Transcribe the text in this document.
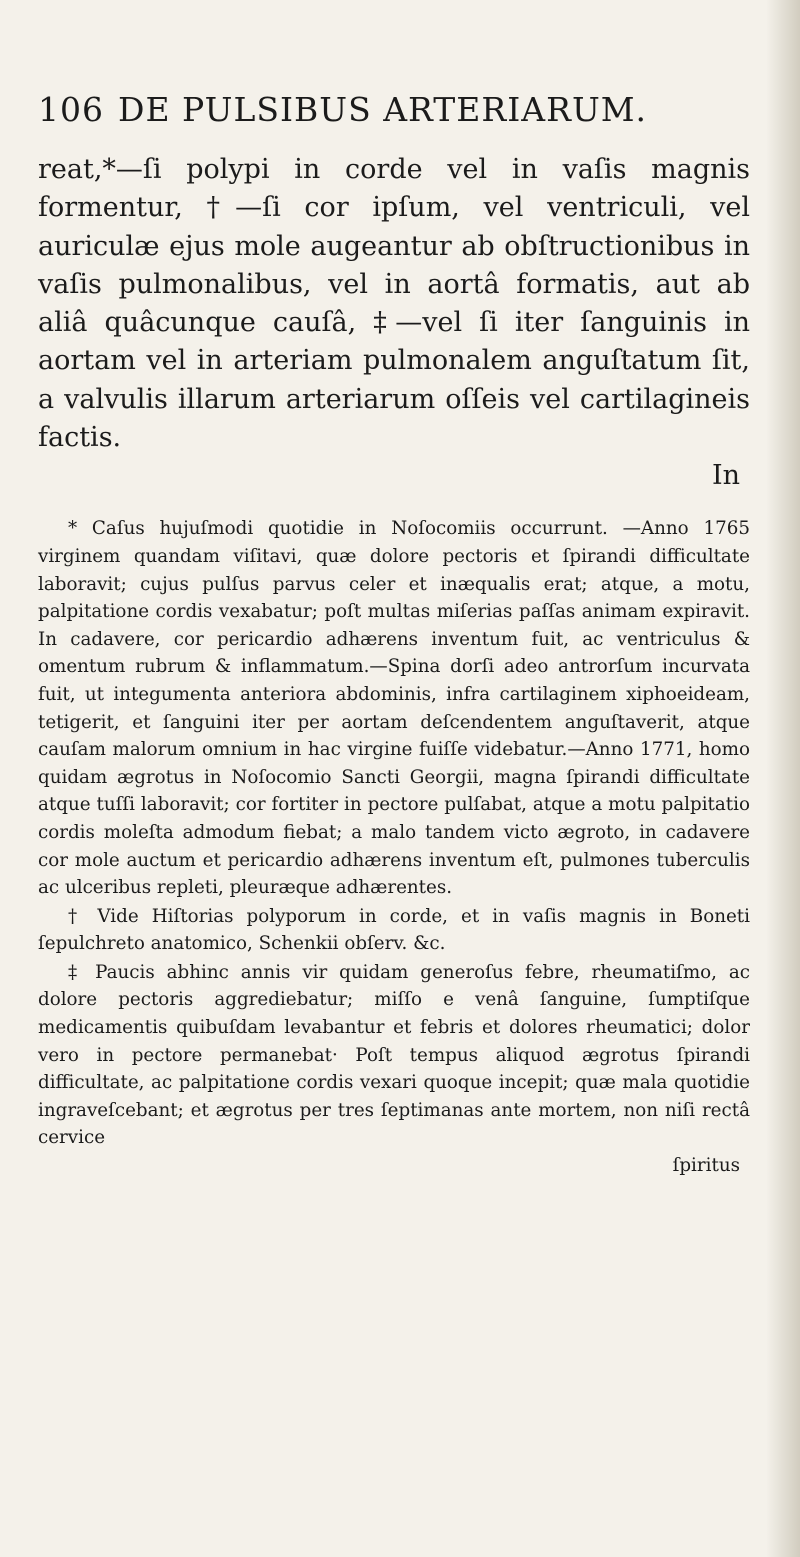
106 DE PULSIBUS ARTERIARUM.

reat,*—ſi polypi in corde vel in vaſis magnis formentur, †—ſi cor ipſum, vel ventriculi, vel auriculæ ejus mole augeantur ab obſtructionibus in vaſis pulmonalibus, vel in aortâ formatis, aut ab aliâ quâcunque cauſâ, ‡—vel ſi iter ſanguinis in aortam vel in arteriam pulmonalem anguſtatum ſit, a valvulis illarum arteriarum oſſeis vel cartilagineis factis.

In

* Caſus hujuſmodi quotidie in Noſocomiis occurrunt. —Anno 1765 virginem quandam viſitavi, quæ dolore pectoris et ſpirandi difficultate laboravit; cujus pulſus parvus celer et inæqualis erat; atque, a motu, palpitatione cordis vexabatur; poſt multas miſerias paſſas animam expiravit. In cadavere, cor pericardio adhærens inventum fuit, ac ventriculus & omentum rubrum & inflammatum.—Spina dorſi adeo antrorſum incurvata fuit, ut integumenta anteriora abdominis, infra cartilaginem xiphoeideam, tetigerit, et ſanguini iter per aortam deſcendentem anguſtaverit, atque cauſam malorum omnium in hac virgine fuiſſe videbatur.—Anno 1771, homo quidam ægrotus in Noſocomio Sancti Georgii, magna ſpirandi difficultate atque tuſſi laboravit; cor fortiter in pectore pulſabat, atque a motu palpitatio cordis moleſta admodum fiebat; a malo tandem victo ægroto, in cadavere cor mole auctum et pericardio adhærens inventum eſt, pulmones tuberculis ac ulceribus repleti, pleuræque adhærentes.

† Vide Hiſtorias polyporum in corde, et in vaſis magnis in Boneti ſepulchreto anatomico, Schenkii obſerv. &c.

‡ Paucis abhinc annis vir quidam generoſus febre, rheumatiſmo, ac dolore pectoris aggrediebatur; miſſo e venâ ſanguine, ſumptiſque medicamentis quibuſdam levabantur et febris et dolores rheumatici; dolor vero in pectore permanebat· Poſt tempus aliquod ægrotus ſpirandi difficultate, ac palpitatione cordis vexari quoque incepit; quæ mala quotidie ingraveſcebant; et ægrotus per tres ſeptimanas ante mortem, non niſi rectâ cervice

ſpiritus
